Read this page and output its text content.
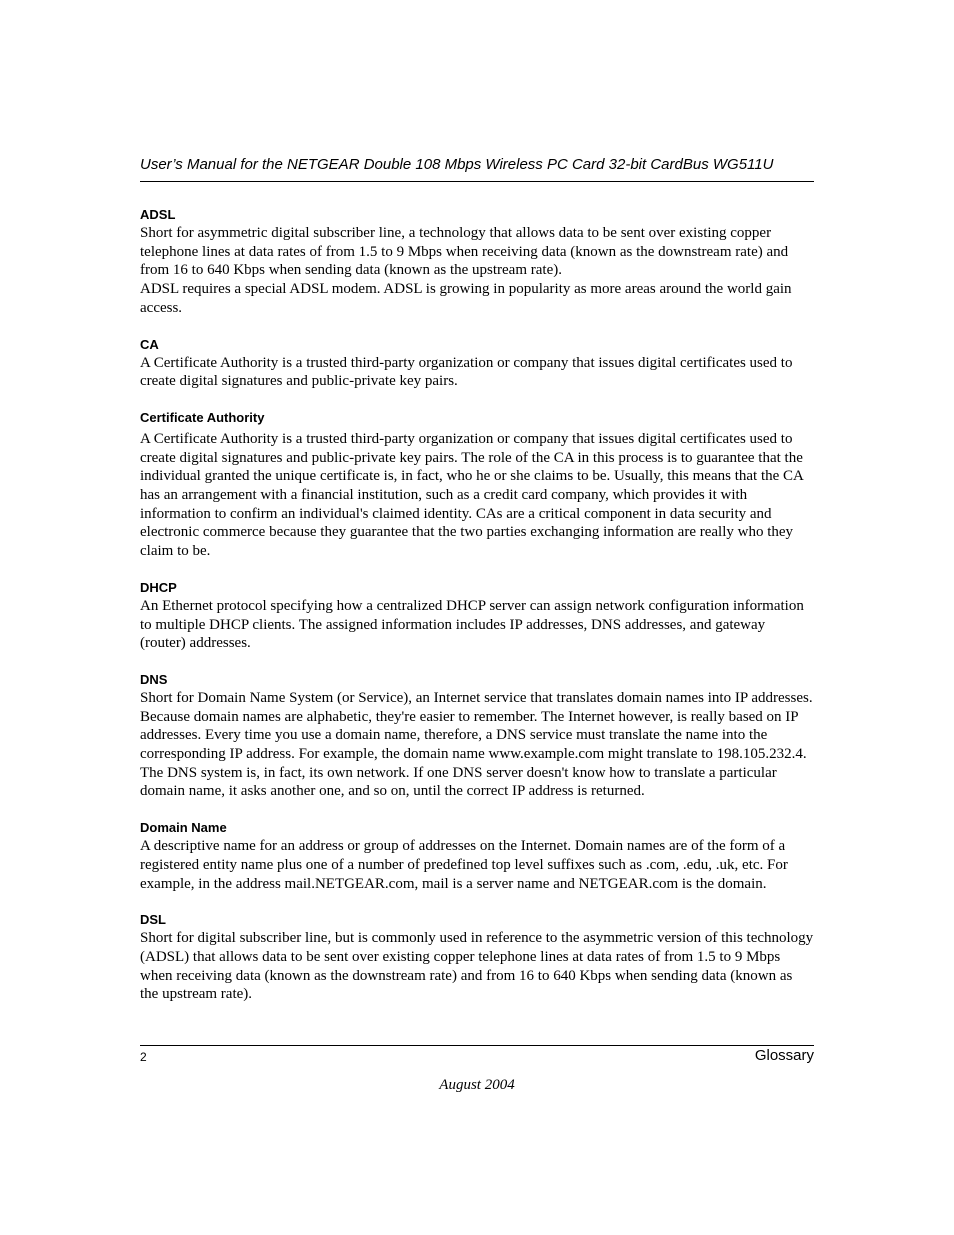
User’s Manual for the NETGEAR Double 108 Mbps Wireless PC Card 32-bit CardBus WG511U

ADSL

Short for asymmetric digital subscriber line, a technology that allows data to be sent over existing copper telephone lines at data rates of from 1.5 to 9 Mbps when receiving data (known as the downstream rate) and from 16 to 640 Kbps when sending data (known as the upstream rate).

ADSL requires a special ADSL modem. ADSL is growing in popularity as more areas around the world gain access.

CA

A Certificate Authority is a trusted third-party organization or company that issues digital certificates used to create digital signatures and public-private key pairs.

Certificate Authority

A Certificate Authority is a trusted third-party organization or company that issues digital certificates used to create digital signatures and public-private key pairs. The role of the CA in this process is to guarantee that the individual granted the unique certificate is, in fact, who he or she claims to be. Usually, this means that the CA has an arrangement with a financial institution, such as a credit card company, which provides it with information to confirm an individual's claimed identity. CAs are a critical component in data security and electronic commerce because they guarantee that the two parties exchanging information are really who they claim to be.

DHCP

An Ethernet protocol specifying how a centralized DHCP server can assign network configuration information to multiple DHCP clients. The assigned information includes IP addresses, DNS addresses, and gateway (router) addresses.

DNS

Short for Domain Name System (or Service), an Internet service that translates domain names into IP addresses. Because domain names are alphabetic, they're easier to remember. The Internet however, is really based on IP addresses. Every time you use a domain name, therefore, a DNS service must translate the name into the corresponding IP address. For example, the domain name www.example.com might translate to 198.105.232.4. The DNS system is, in fact, its own network. If one DNS server doesn't know how to translate a particular domain name, it asks another one, and so on, until the correct IP address is returned.

Domain Name

A descriptive name for an address or group of addresses on the Internet. Domain names are of the form of a registered entity name plus one of a number of predefined top level suffixes such as .com, .edu, .uk, etc. For example, in the address mail.NETGEAR.com, mail is a server name and NETGEAR.com is the domain.

DSL

Short for digital subscriber line, but is commonly used in reference to the asymmetric version of this technology (ADSL) that allows data to be sent over existing copper telephone lines at data rates of from 1.5 to 9 Mbps when receiving data (known as the downstream rate) and from 16 to 640 Kbps when sending data (known as the upstream rate).

2	Glossary
August 2004
